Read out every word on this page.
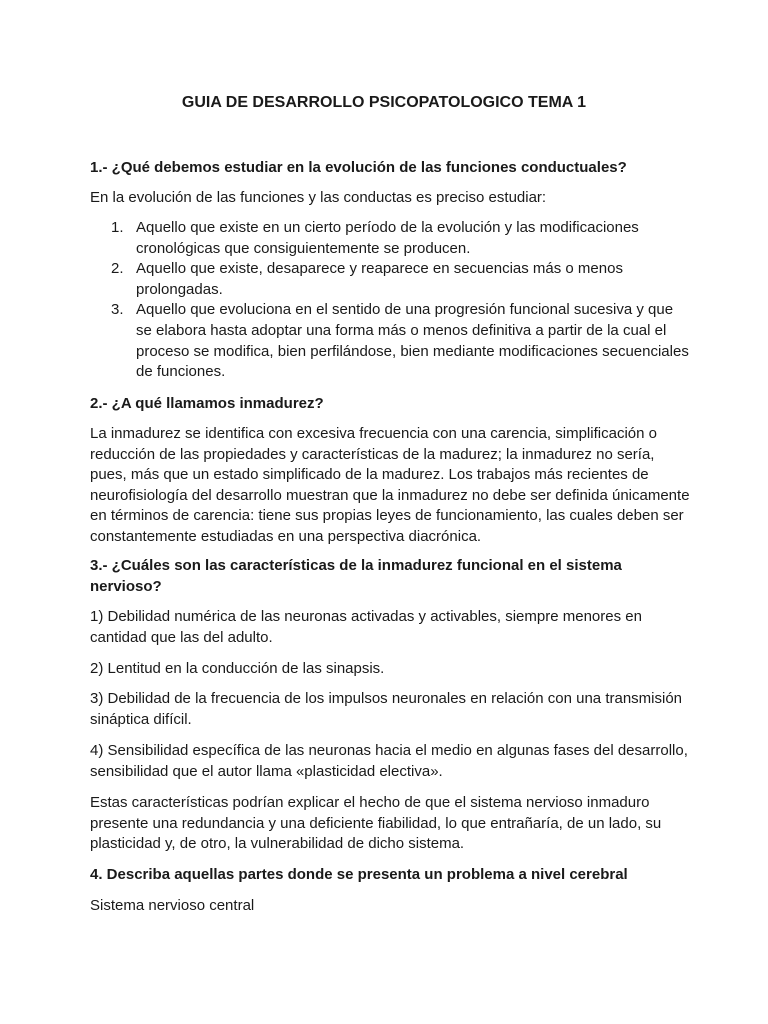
GUIA DE DESARROLLO PSICOPATOLOGICO TEMA 1

1.- ¿Qué debemos estudiar en la evolución de las funciones conductuales?

En la evolución de las funciones y las conductas es preciso estudiar:

1. Aquello que existe en un cierto período de la evolución y las modificaciones cronológicas que consiguientemente se producen.
2. Aquello que existe, desaparece y reaparece en secuencias más o menos prolongadas.
3. Aquello que evoluciona en el sentido de una progresión funcional sucesiva y que se elabora hasta adoptar una forma más o menos definitiva a partir de la cual el proceso se modifica, bien perfilándose, bien mediante modificaciones secuenciales de funciones.

2.- ¿A qué llamamos inmadurez?

La inmadurez se identifica con excesiva frecuencia con una carencia, simplificación o reducción de las propiedades y características de la madurez; la inmadurez no sería, pues, más que un estado simplificado de la madurez. Los trabajos más recientes de neurofisiología del desarrollo muestran que la inmadurez no debe ser definida únicamente en términos de carencia: tiene sus propias leyes de funcionamiento, las cuales deben ser constantemente estudiadas en una perspectiva diacrónica.

3.- ¿Cuáles son las características de la inmadurez funcional en el sistema nervioso?

1) Debilidad numérica de las neuronas activadas y activables, siempre menores en cantidad que las del adulto.

2) Lentitud en la conducción de las sinapsis.

3) Debilidad de la frecuencia de los impulsos neuronales en relación con una transmisión sináptica difícil.

4) Sensibilidad específica de las neuronas hacia el medio en algunas fases del desarrollo, sensibilidad que el autor llama «plasticidad electiva».

Estas características podrían explicar el hecho de que el sistema nervioso inmaduro presente una redundancia y una deficiente fiabilidad, lo que entrañaría, de un lado, su plasticidad y, de otro, la vulnerabilidad de dicho sistema.

4. Describa aquellas partes donde se presenta un problema a nivel cerebral

Sistema nervioso central
